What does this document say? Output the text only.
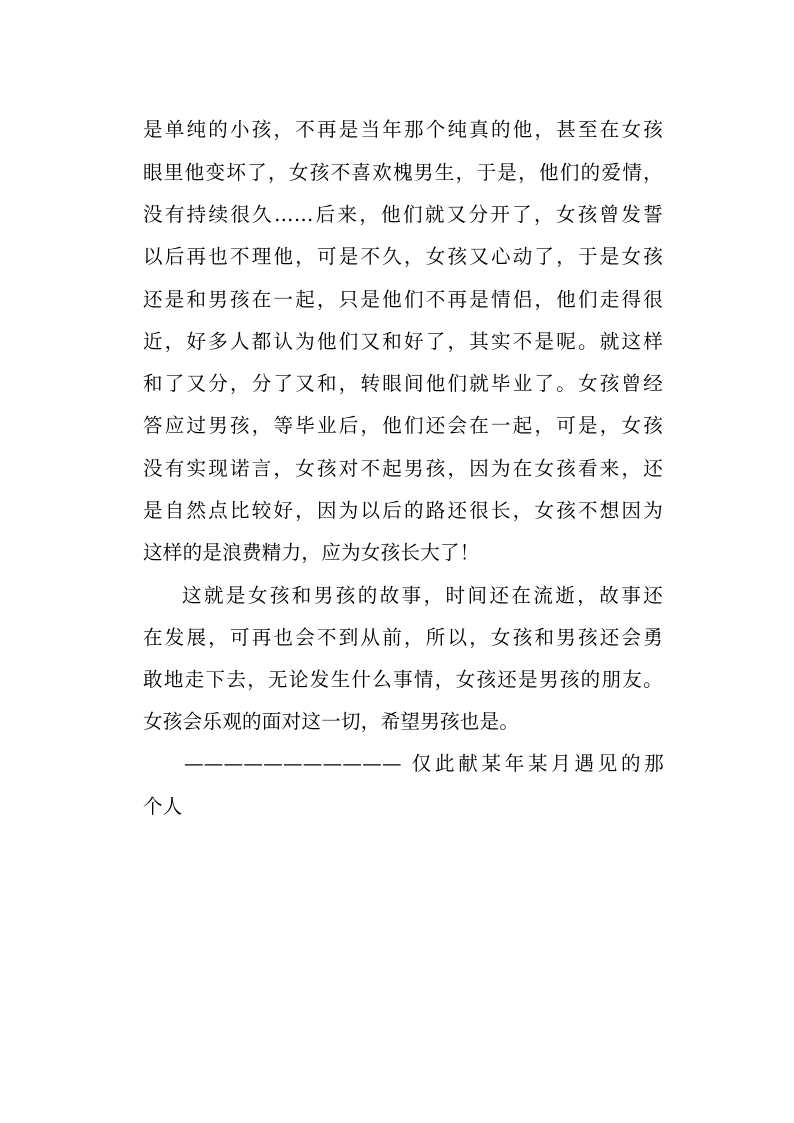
是单纯的小孩，不再是当年那个纯真的他，甚至在女孩
眼里他变坏了，女孩不喜欢槐男生，于是，他们的爱情，
没有持续很久……后来，他们就又分开了，女孩曾发誓
以后再也不理他，可是不久，女孩又心动了，于是女孩
还是和男孩在一起，只是他们不再是情侣，他们走得很
近，好多人都认为他们又和好了，其实不是呢。就这样
和了又分，分了又和，转眼间他们就毕业了。女孩曾经
答应过男孩，等毕业后，他们还会在一起，可是，女孩
没有实现诺言，女孩对不起男孩，因为在女孩看来，还
是自然点比较好，因为以后的路还很长，女孩不想因为
这样的是浪费精力，应为女孩长大了！
这就是女孩和男孩的故事，时间还在流逝，故事还
在发展，可再也会不到从前，所以，女孩和男孩还会勇
敢地走下去，无论发生什么事情，女孩还是男孩的朋友。
女孩会乐观的面对这一切，希望男孩也是。
——————————— 仅此献某年某月遇见的那
个人
